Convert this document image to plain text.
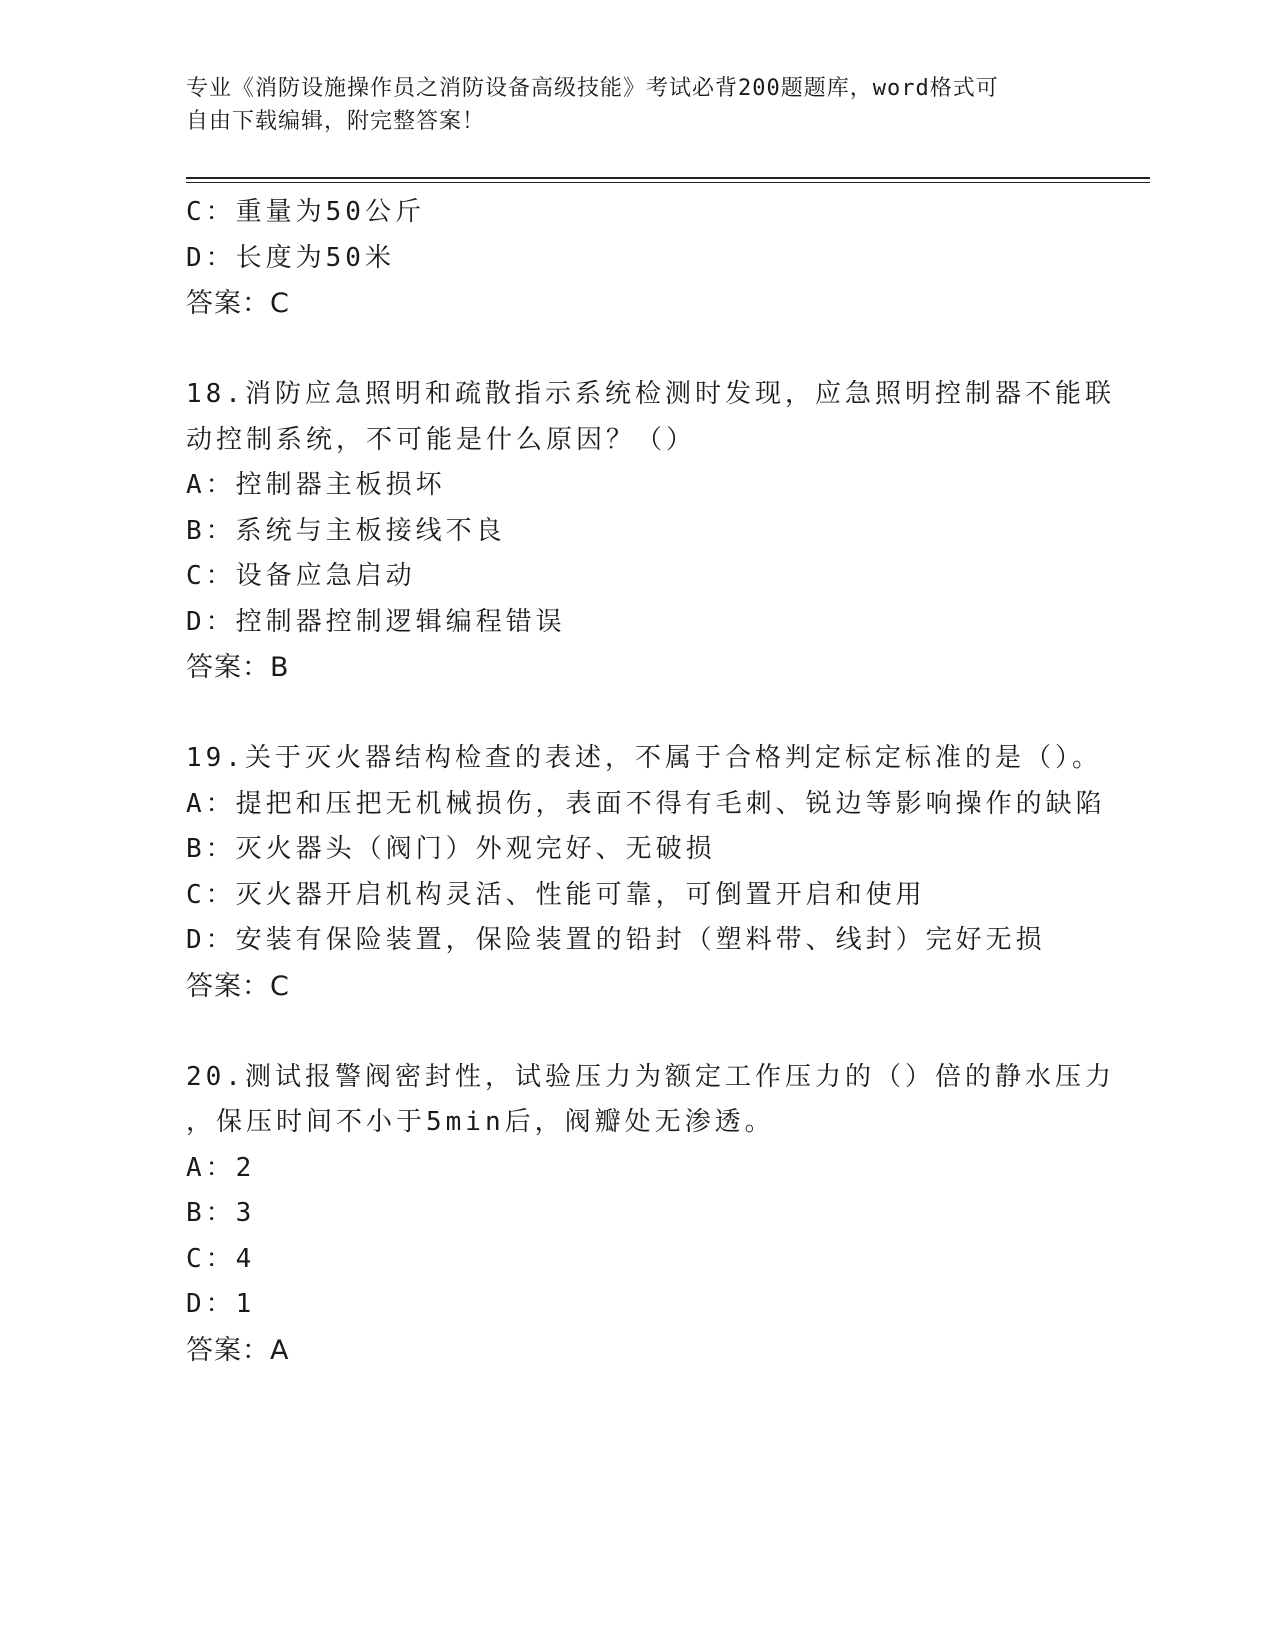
专业《消防设施操作员之消防设备高级技能》考试必背200题题库，word格式可
自由下载编辑，附完整答案！
C：重量为50公斤
D：长度为50米
答案：C
18.消防应急照明和疏散指示系统检测时发现，应急照明控制器不能联
动控制系统，不可能是什么原因？（）
A：控制器主板损坏
B：系统与主板接线不良
C：设备应急启动
D：控制器控制逻辑编程错误
答案：B
19.关于灭火器结构检查的表述，不属于合格判定标定标准的是（）。
A：提把和压把无机械损伤，表面不得有毛刺、锐边等影响操作的缺陷
B：灭火器头（阀门）外观完好、无破损
C：灭火器开启机构灵活、性能可靠，可倒置开启和使用
D：安装有保险装置，保险装置的铅封（塑料带、线封）完好无损
答案：C
20.测试报警阀密封性，试验压力为额定工作压力的（）倍的静水压力
，保压时间不小于5min后，阀瓣处无渗透。
A：2
B：3
C：4
D：1
答案：A
